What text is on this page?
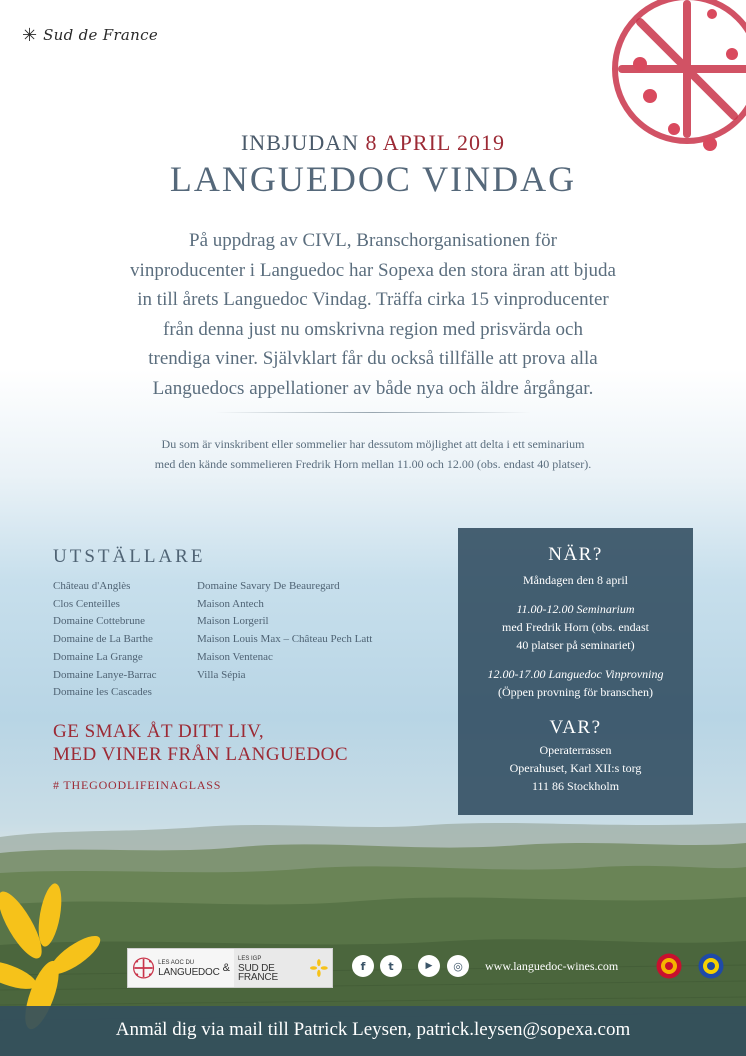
✳ Sud de France
INBJUDAN 8 APRIL 2019
LANGUEDOC VINDAG

På uppdrag av CIVL, Branschorganisationen för
vinproducenter i Languedoc har Sopexa den stora äran att bjuda
in till årets Languedoc Vindag. Träffa cirka 15 vinproducenter
från denna just nu omskrivna region med prisvärda och
trendiga viner. Självklart får du också tillfälle att prova alla
Languedocs appellationer av både nya och äldre årgångar.

Du som är vinskribent eller sommelier har dessutom möjlighet att delta i ett seminarium
med den kände sommelieren Fredrik Horn mellan 11.00 och 12.00 (obs. endast 40 platser).

UTSTÄLLARE
Château d'Anglès
Clos Centeilles
Domaine Cottebrune
Domaine de La Barthe
Domaine La Grange
Domaine Lanye-Barrac
Domaine les Cascades
Domaine Savary De Beauregard
Maison Antech
Maison Lorgeril
Maison Louis Max – Château Pech Latt
Maison Ventenac
Villa Sépia
GE SMAK ÅT DITT LIV,
MED VINER FRÅN LANGUEDOC
# THEGOODLIFEINAGLASS
NÄR?
Måndagen den 8 april
11.00-12.00 Seminarium
med Fredrik Horn (obs. endast
40 platser på seminariet)
12.00-17.00 Languedoc Vinprovning
(Öppen provning för branschen)
VAR?
Operaterrassen
Operahuset, Karl XII:s torg
111 86 Stockholm
LES AOC DU
LANGUEDOC &
LES IGP
SUD DE FRANCE
f	t	▶	◎	www.languedoc-wines.com
Anmäl dig via mail till Patrick Leysen, patrick.leysen@sopexa.com
